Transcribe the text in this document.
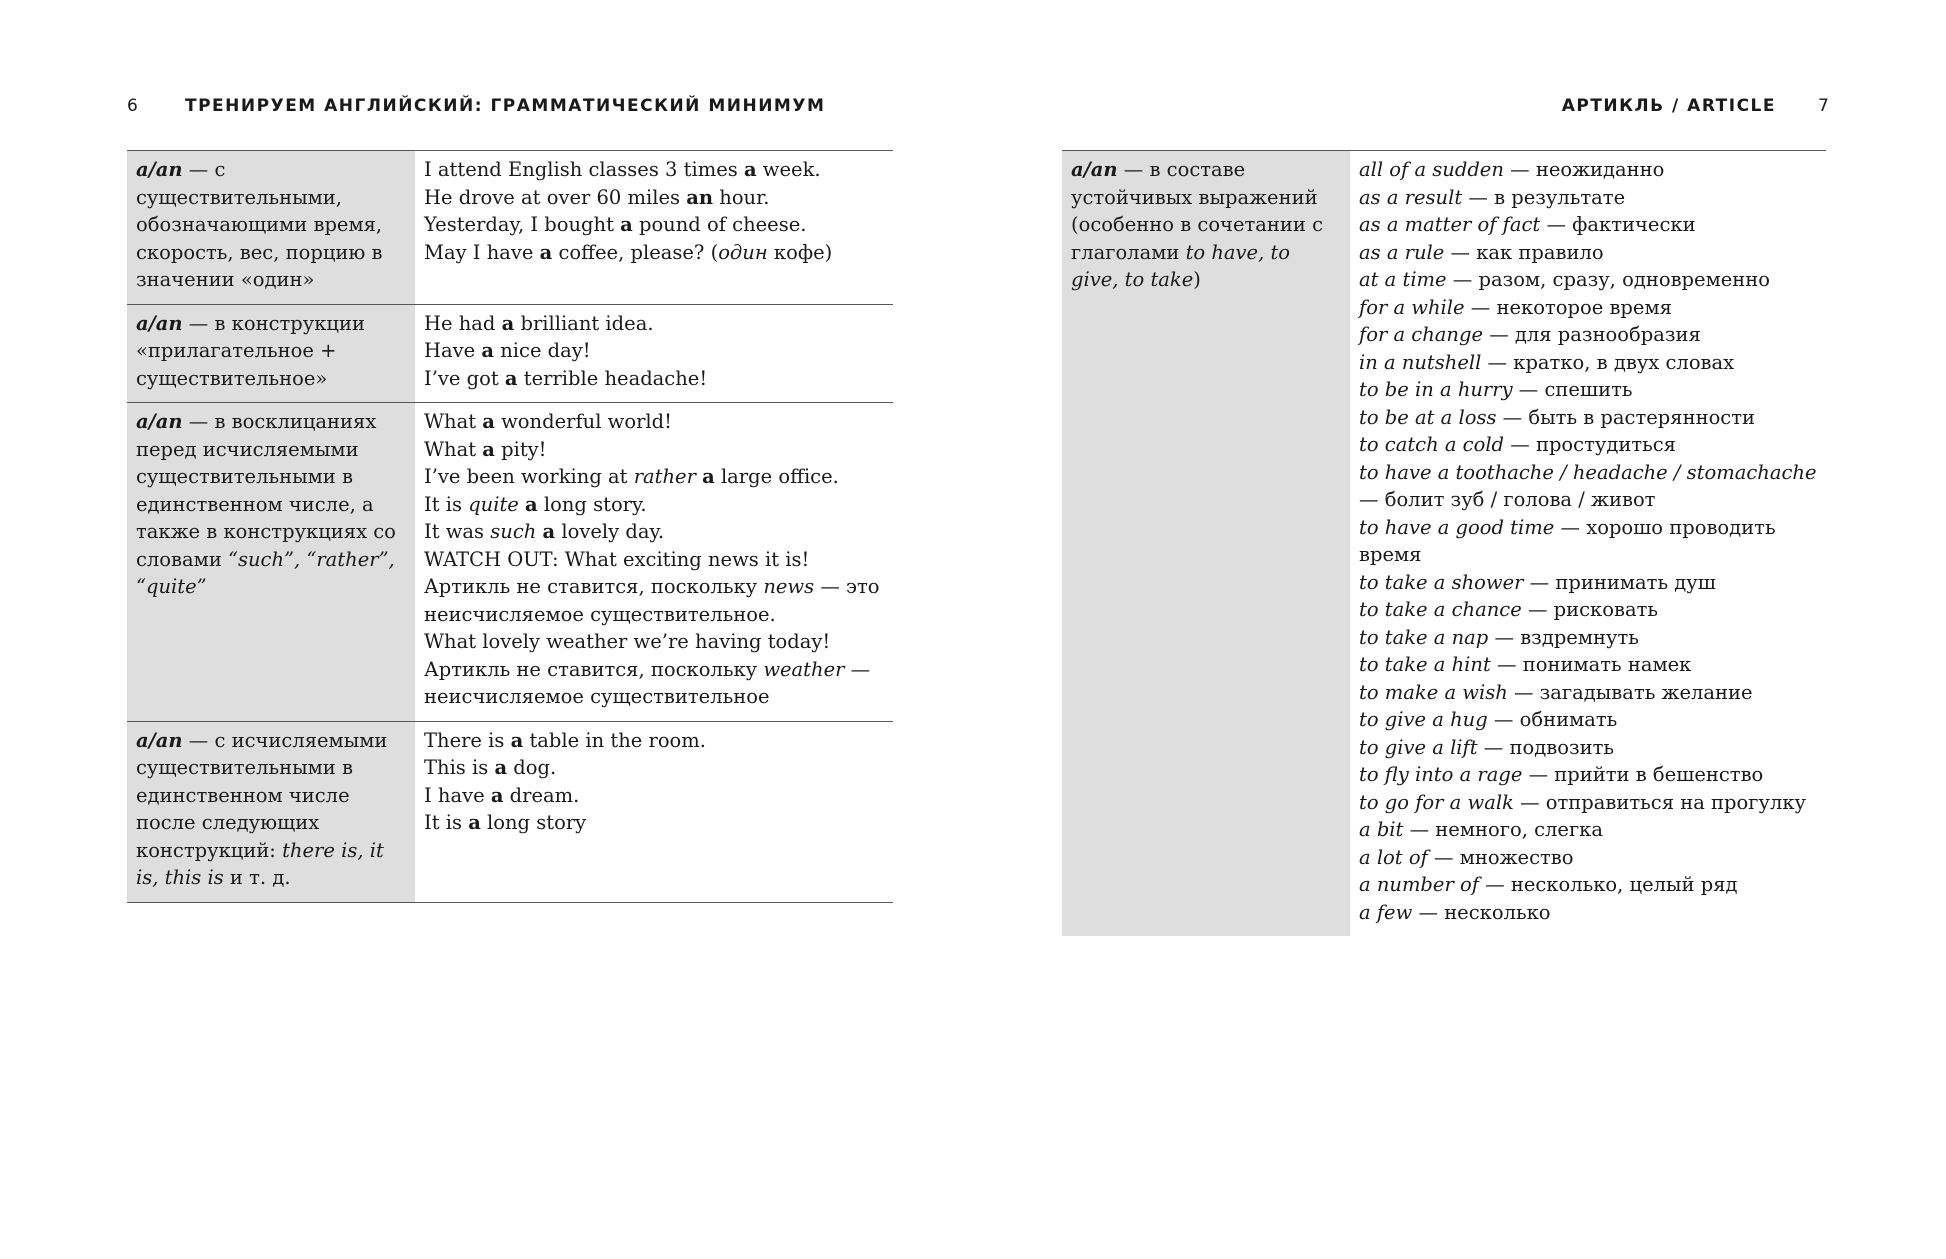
6	ТРЕНИРУЕМ АНГЛИЙСКИЙ: ГРАММАТИЧЕСКИЙ МИНИМУМ	АРТИКЛЬ / ARTICLE 7
a/an — с существительными, обозначающими время, скорость, вес, порцию в значении «один»
I attend English classes 3 times a week.
He drove at over 60 miles an hour.
Yesterday, I bought a pound of cheese.
May I have a coffee, please? (один кофе)
a/an — в конструкции «прилагательное + существительное»
He had a brilliant idea.
Have a nice day!
I’ve got a terrible headache!
a/an — в восклицаниях перед исчисляемыми существительными в единственном числе, а также в конструкциях со словами “such”, “rather”, “quite”
What a wonderful world!
What a pity!
I’ve been working at rather a large office.
It is quite a long story.
It was such a lovely day.
WATCH OUT: What exciting news it is! Артикль не ставится, поскольку news — это неисчисляемое существительное.
What lovely weather we’re having today! Артикль не ставится, поскольку weather — неисчисляемое существительное
a/an — с исчисляемыми существительными в единственном числе после следующих конструкций: there is, it is, this is и т. д.
There is a table in the room.
This is a dog.
I have a dream.
It is a long story
a/an — в составе устойчивых выражений (особенно в сочетании с глаголами to have, to give, to take)
all of a sudden — неожиданно
as a result — в результате
as a matter of fact — фактически
as a rule — как правило
at a time — разом, сразу, одновременно
for a while — некоторое время
for a change — для разнообразия
in a nutshell — кратко, в двух словах
to be in a hurry — спешить
to be at a loss — быть в растерянности
to catch a cold — простудиться
to have a toothache / headache / stomachache — болит зуб / голова / живот
to have a good time — хорошо проводить время
to take a shower — принимать душ
to take a chance — рисковать
to take a nap — вздремнуть
to take a hint — понимать намек
to make a wish — загадывать желание
to give a hug — обнимать
to give a lift — подвозить
to fly into a rage — прийти в бешенство
to go for a walk — отправиться на прогулку
a bit — немного, слегка
a lot of — множество
a number of — несколько, целый ряд
a few — несколько
